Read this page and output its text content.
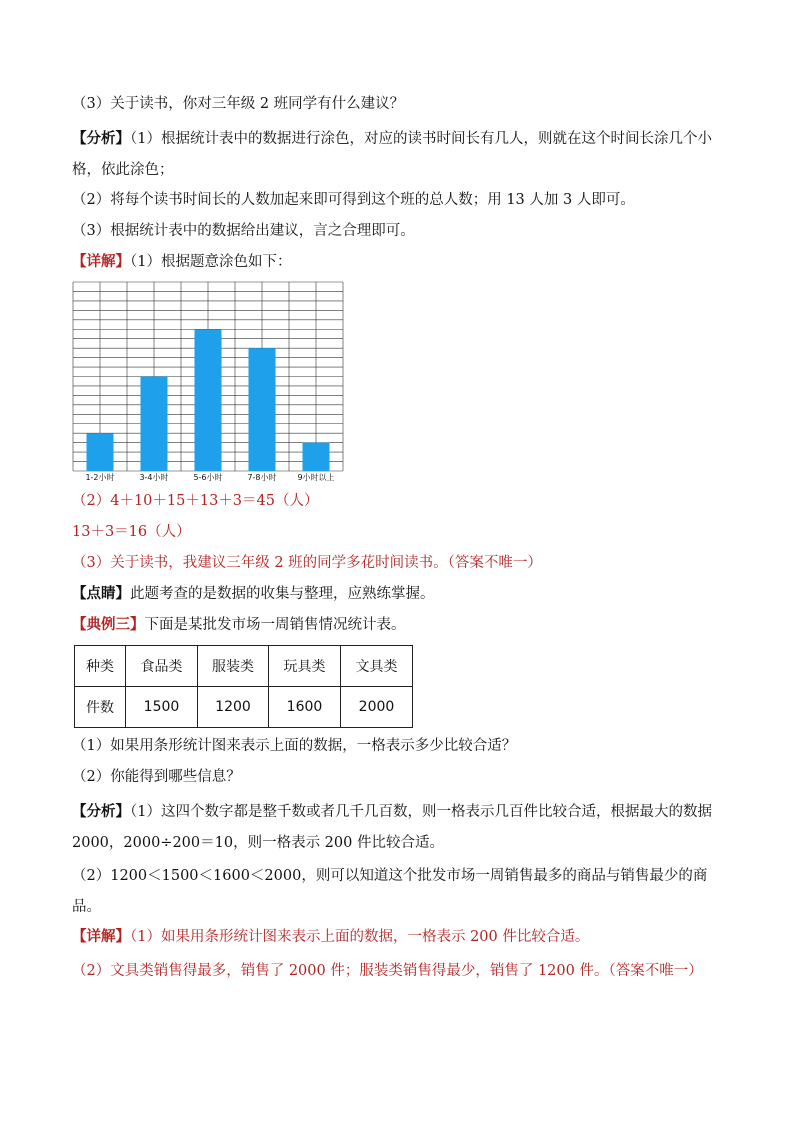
（3）关于读书，你对三年级 2 班同学有什么建议？

【分析】（1）根据统计表中的数据进行涂色，对应的读书时间长有几人，则就在这个时间长涂几个小格，依此涂色；

（2）将每个读书时间长的人数加起来即可得到这个班的总人数；用 13 人加 3 人即可。

（3）根据统计表中的数据给出建议，言之合理即可。

【详解】（1）根据题意涂色如下：

1-2小时	3-4小时	5-6小时	7-8小时	9小时以上

（2）4＋10＋15＋13＋3＝45（人）

13＋3＝16（人）

（3）关于读书，我建议三年级 2 班的同学多花时间读书。（答案不唯一）

【点睛】此题考查的是数据的收集与整理，应熟练掌握。

【典例三】下面是某批发市场一周销售情况统计表。

种类	食品类	服装类	玩具类	文具类
件数	1500	1200	1600	2000

（1）如果用条形统计图来表示上面的数据，一格表示多少比较合适？

（2）你能得到哪些信息？

【分析】（1）这四个数字都是整千数或者几千几百数，则一格表示几百件比较合适，根据最大的数据 2000，2000÷200＝10，则一格表示 200 件比较合适。

（2）1200＜1500＜1600＜2000，则可以知道这个批发市场一周销售最多的商品与销售最少的商品。

【详解】（1）如果用条形统计图来表示上面的数据，一格表示 200 件比较合适。

（2）文具类销售得最多，销售了 2000 件；服装类销售得最少，销售了 1200 件。（答案不唯一）
